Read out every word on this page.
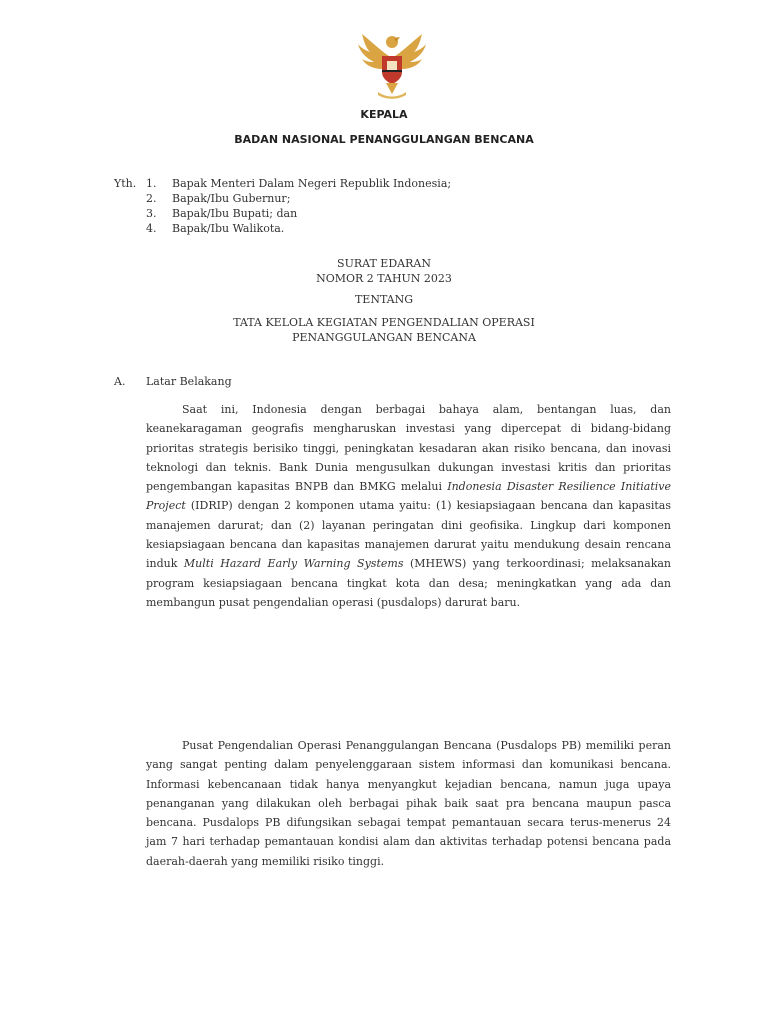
KEPALA
BADAN NASIONAL PENANGGULANGAN BENCANA
Yth. 1. Bapak Menteri Dalam Negeri Republik Indonesia;
2. Bapak/Ibu Gubernur;
3. Bapak/Ibu Bupati; dan
4. Bapak/Ibu Walikota.
SURAT EDARAN
NOMOR 2 TAHUN 2023
TENTANG
TATA KELOLA KEGIATAN PENGENDALIAN OPERASI
PENANGGULANGAN BENCANA
A. Latar Belakang

Saat ini, Indonesia dengan berbagai bahaya alam, bentangan luas, dan keanekaragaman geografis mengharuskan investasi yang dipercepat di bidang-bidang prioritas strategis berisiko tinggi, peningkatan kesadaran akan risiko bencana, dan inovasi teknologi dan teknis. Bank Dunia mengusulkan dukungan investasi kritis dan prioritas pengembangan kapasitas BNPB dan BMKG melalui Indonesia Disaster Resilience Initiative Project (IDRIP) dengan 2 komponen utama yaitu: (1) kesiapsiagaan bencana dan kapasitas manajemen darurat; dan (2) layanan peringatan dini geofisika. Lingkup dari komponen kesiapsiagaan bencana dan kapasitas manajemen darurat yaitu mendukung desain rencana induk Multi Hazard Early Warning Systems (MHEWS) yang terkoordinasi; melaksanakan program kesiapsiagaan bencana tingkat kota dan desa; meningkatkan yang ada dan membangun pusat pengendalian operasi (pusdalops) darurat baru.

Pusat Pengendalian Operasi Penanggulangan Bencana (Pusdalops PB) memiliki peran yang sangat penting dalam penyelenggaraan sistem informasi dan komunikasi bencana. Informasi kebencanaan tidak hanya menyangkut kejadian bencana, namun juga upaya penanganan yang dilakukan oleh berbagai pihak baik saat pra bencana maupun pasca bencana. Pusdalops PB difungsikan sebagai tempat pemantauan secara terus-menerus 24 jam 7 hari terhadap pemantauan kondisi alam dan aktivitas terhadap potensi bencana pada daerah-daerah yang memiliki risiko tinggi.
